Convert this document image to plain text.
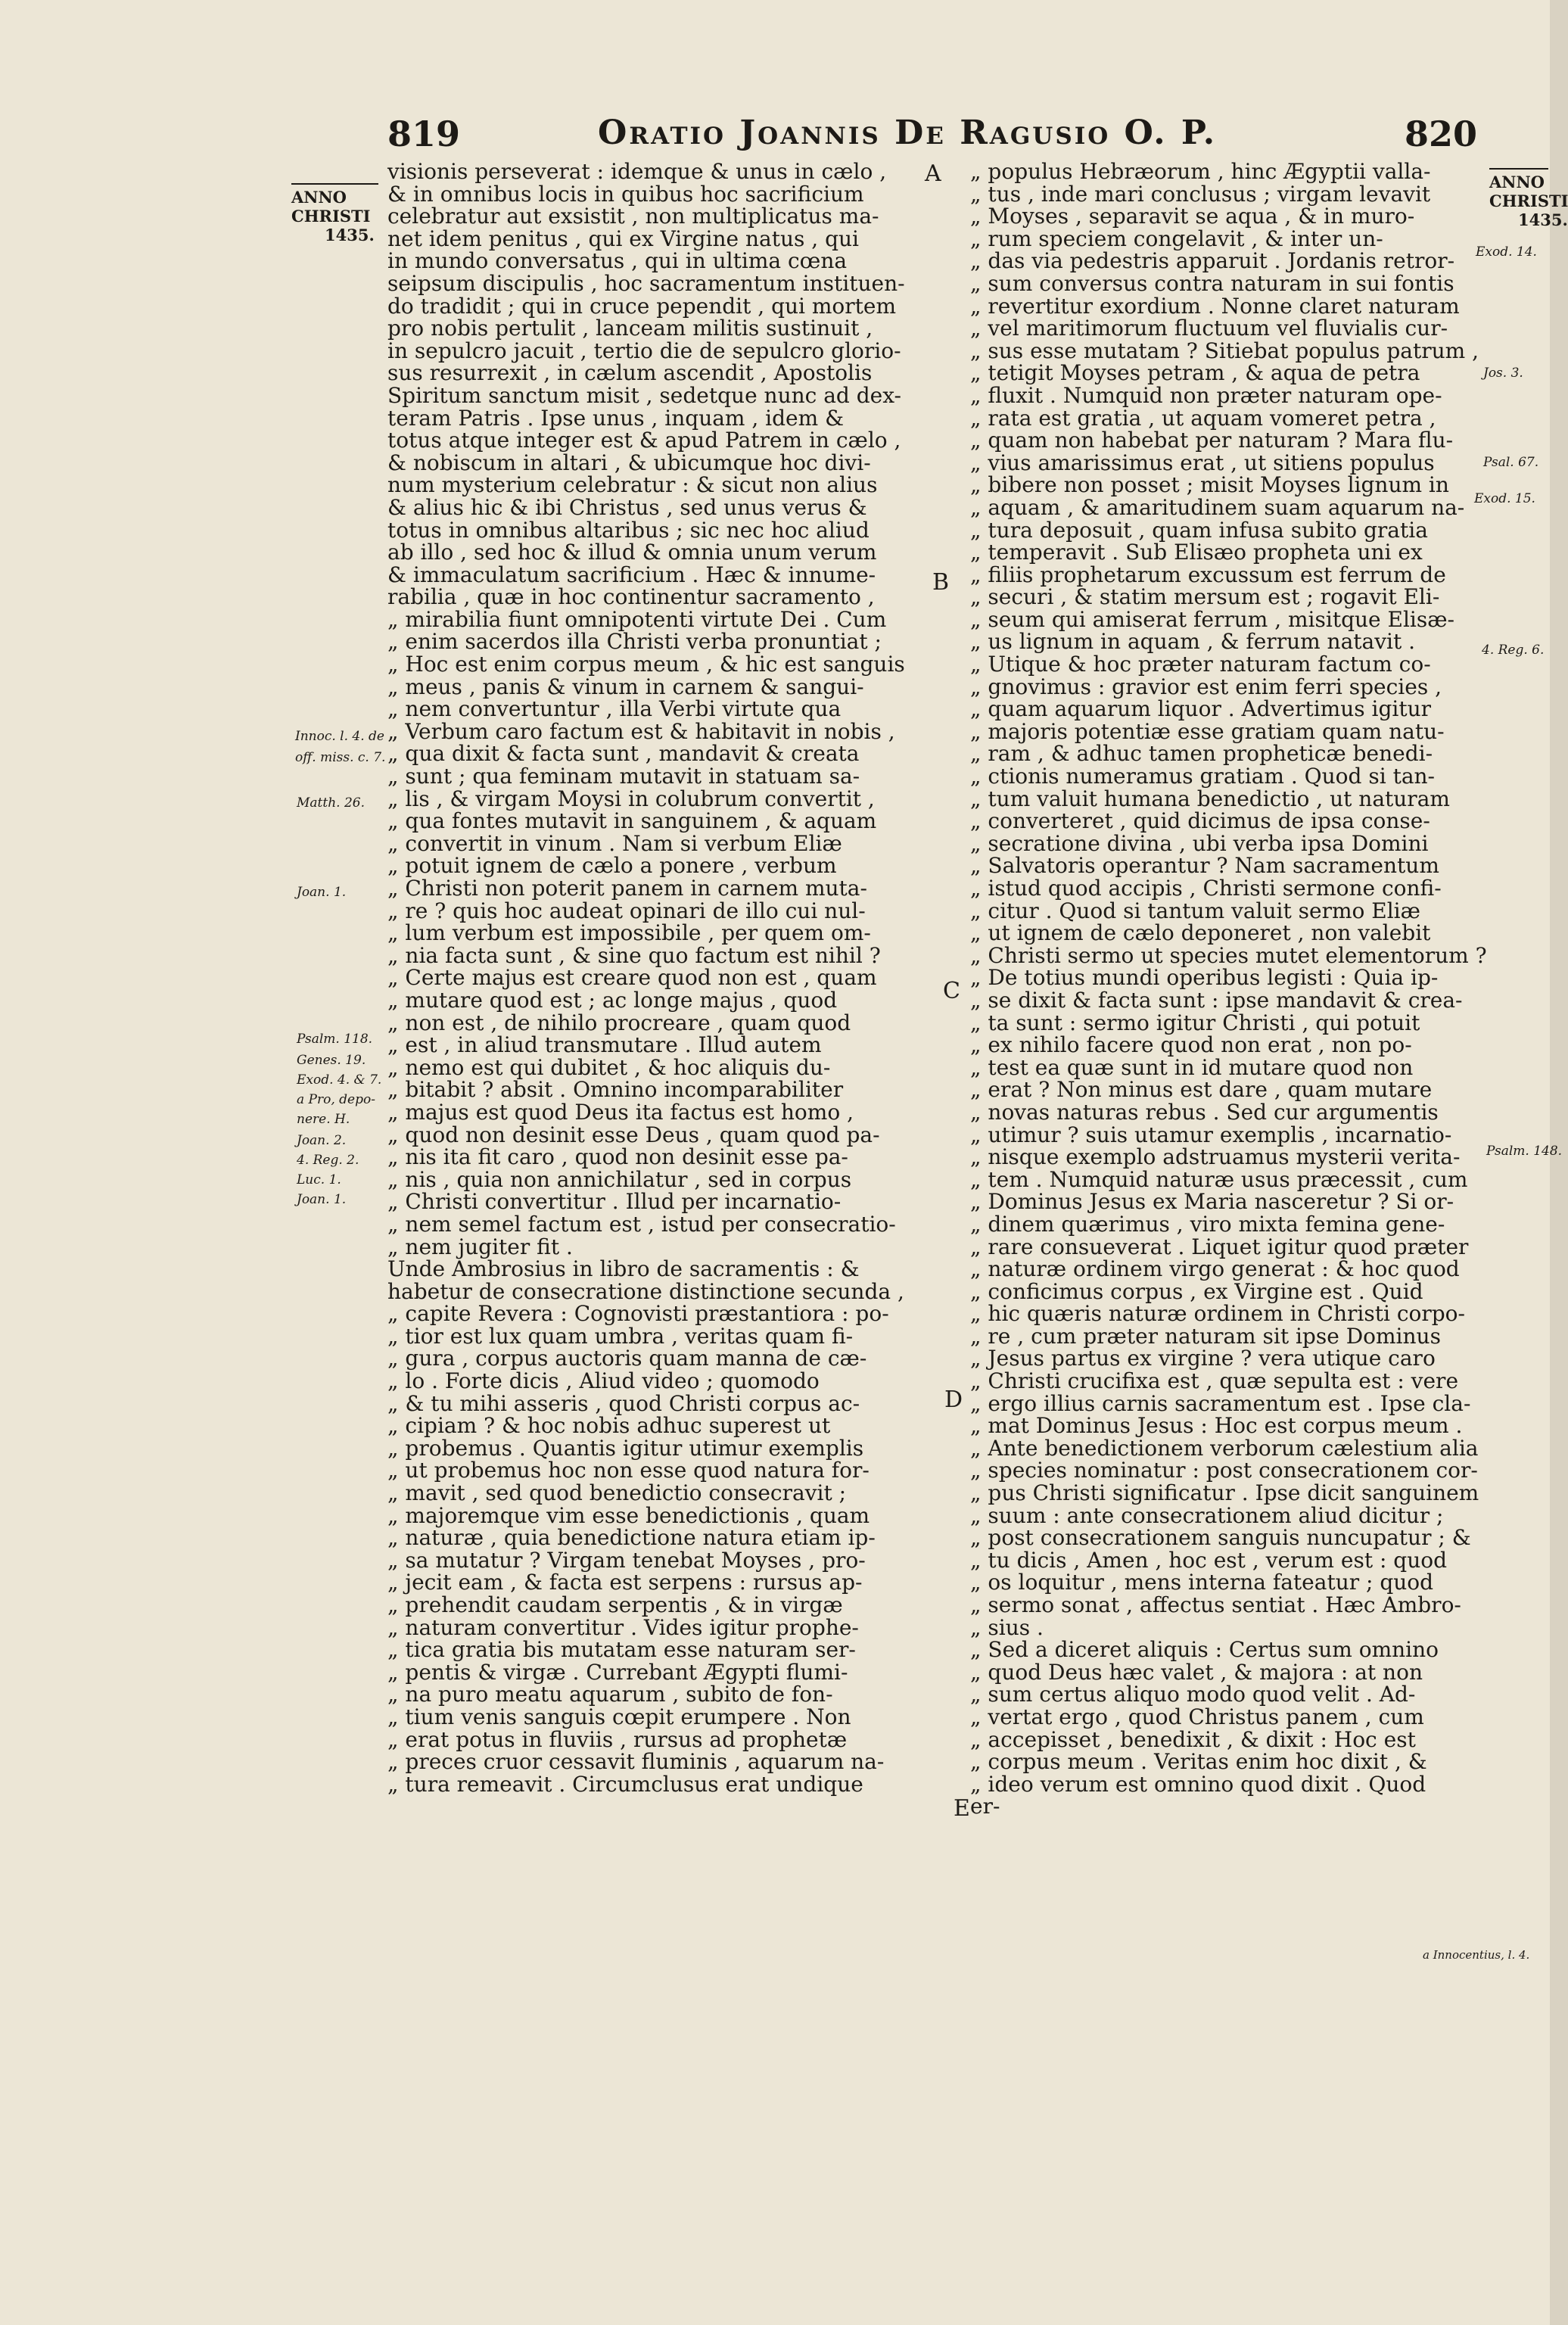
819	Oratio Joannis De Ragusio O. P.	820
ANNO
CHRISTI
1435.
ANNO
CHRISTI
1435.
Innoc. l. 4. de
off. miss. c. 7.
Matth. 26.
Joan. 1.
Psalm. 118.
Genes. 19.
Exod. 4. & 7.
a Pro, depo-
nere. H.
Joan. 2.
4. Reg. 2.
Luc. 1.
Joan. 1.
Exod. 14.
Jos. 3.
Psal. 67.
Exod. 15.
4. Reg. 6.
Psalm. 148.
a Innocentius, l. 4.
A
B
C
D
E
visionis perseverat : idemque & unus in cælo ,
& in omnibus locis in quibus hoc sacrificium
celebratur aut exsistit , non multiplicatus ma-
net idem penitus , qui ex Virgine natus , qui
in mundo conversatus , qui in ultima cœna
seipsum discipulis , hoc sacramentum instituen-
do tradidit ; qui in cruce pependit , qui mortem
pro nobis pertulit , lanceam militis sustinuit ,
in sepulcro jacuit , tertio die de sepulcro glorio-
sus resurrexit , in cælum ascendit , Apostolis
Spiritum sanctum misit , sedetque nunc ad dex-
teram Patris . Ipse unus , inquam , idem &
totus atque integer est & apud Patrem in cælo ,
& nobiscum in altari , & ubicumque hoc divi-
num mysterium celebratur : & sicut non alius
& alius hic & ibi Christus , sed unus verus &
totus in omnibus altaribus ; sic nec hoc aliud
ab illo , sed hoc & illud & omnia unum verum
& immaculatum sacrificium . Hæc & innume-
rabilia , quæ in hoc continentur sacramento ,
„ mirabilia fiunt omnipotenti virtute Dei . Cum
„ enim sacerdos illa Christi verba pronuntiat ;
„ Hoc est enim corpus meum , & hic est sanguis
„ meus , panis & vinum in carnem & sangui-
„ nem convertuntur , illa Verbi virtute qua
„ Verbum caro factum est & habitavit in nobis ,
„ qua dixit & facta sunt , mandavit & creata
„ sunt ; qua feminam mutavit in statuam sa-
„ lis , & virgam Moysi in colubrum convertit ,
„ qua fontes mutavit in sanguinem , & aquam
„ convertit in vinum . Nam si verbum Eliæ
„ potuit ignem de cælo a ponere , verbum
„ Christi non poterit panem in carnem muta-
„ re ? quis hoc audeat opinari de illo cui nul-
„ lum verbum est impossibile , per quem om-
„ nia facta sunt , & sine quo factum est nihil ?
„ Certe majus est creare quod non est , quam
„ mutare quod est ; ac longe majus , quod
„ non est , de nihilo procreare , quam quod
„ est , in aliud transmutare . Illud autem
„ nemo est qui dubitet , & hoc aliquis du-
„ bitabit ? absit . Omnino incomparabiliter
„ majus est quod Deus ita factus est homo ,
„ quod non desinit esse Deus , quam quod pa-
„ nis ita fit caro , quod non desinit esse pa-
„ nis , quia non annichilatur , sed in corpus
„ Christi convertitur . Illud per incarnatio-
„ nem semel factum est , istud per consecratio-
„ nem jugiter fit .
Unde Ambrosius in libro de sacramentis : &
habetur de consecratione distinctione secunda ,
„ capite Revera : Cognovisti præstantiora : po-
„ tior est lux quam umbra , veritas quam fi-
„ gura , corpus auctoris quam manna de cæ-
„ lo . Forte dicis , Aliud video ; quomodo
„ & tu mihi asseris , quod Christi corpus ac-
„ cipiam ? & hoc nobis adhuc superest ut
„ probemus . Quantis igitur utimur exemplis
„ ut probemus hoc non esse quod natura for-
„ mavit , sed quod benedictio consecravit ;
„ majoremque vim esse benedictionis , quam
„ naturæ , quia benedictione natura etiam ip-
„ sa mutatur ? Virgam tenebat Moyses , pro-
„ jecit eam , & facta est serpens : rursus ap-
„ prehendit caudam serpentis , & in virgæ
„ naturam convertitur . Vides igitur prophe-
„ tica gratia bis mutatam esse naturam ser-
„ pentis & virgæ . Currebant Ægypti flumi-
„ na puro meatu aquarum , subito de fon-
„ tium venis sanguis cœpit erumpere . Non
„ erat potus in fluviis , rursus ad prophetæ
„ preces cruor cessavit fluminis , aquarum na-
„ tura remeavit . Circumclusus erat undique
„ populus Hebræorum , hinc Ægyptii valla-
„ tus , inde mari conclusus ; virgam levavit
„ Moyses , separavit se aqua , & in muro-
„ rum speciem congelavit , & inter un-
„ das via pedestris apparuit . Jordanis retror-
„ sum conversus contra naturam in sui fontis
„ revertitur exordium . Nonne claret naturam
„ vel maritimorum fluctuum vel fluvialis cur-
„ sus esse mutatam ? Sitiebat populus patrum ,
„ tetigit Moyses petram , & aqua de petra
„ fluxit . Numquid non præter naturam ope-
„ rata est gratia , ut aquam vomeret petra ,
„ quam non habebat per naturam ? Mara flu-
„ vius amarissimus erat , ut sitiens populus
„ bibere non posset ; misit Moyses lignum in
„ aquam , & amaritudinem suam aquarum na-
„ tura deposuit , quam infusa subito gratia
„ temperavit . Sub Elisæo propheta uni ex
„ filiis prophetarum excussum est ferrum de
„ securi , & statim mersum est ; rogavit Eli-
„ seum qui amiserat ferrum , misitque Elisæ-
„ us lignum in aquam , & ferrum natavit .
„ Utique & hoc præter naturam factum co-
„ gnovimus : gravior est enim ferri species ,
„ quam aquarum liquor . Advertimus igitur
„ majoris potentiæ esse gratiam quam natu-
„ ram , & adhuc tamen propheticæ benedi-
„ ctionis numeramus gratiam . Quod si tan-
„ tum valuit humana benedictio , ut naturam
„ converteret , quid dicimus de ipsa conse-
„ secratione divina , ubi verba ipsa Domini
„ Salvatoris operantur ? Nam sacramentum
„ istud quod accipis , Christi sermone confi-
„ citur . Quod si tantum valuit sermo Eliæ
„ ut ignem de cælo deponeret , non valebit
„ Christi sermo ut species mutet elementorum ?
„ De totius mundi operibus legisti : Quia ip-
„ se dixit & facta sunt : ipse mandavit & crea-
„ ta sunt : sermo igitur Christi , qui potuit
„ ex nihilo facere quod non erat , non po-
„ test ea quæ sunt in id mutare quod non
„ erat ? Non minus est dare , quam mutare
„ novas naturas rebus . Sed cur argumentis
„ utimur ? suis utamur exemplis , incarnatio-
„ nisque exemplo adstruamus mysterii verita-
„ tem . Numquid naturæ usus præcessit , cum
„ Dominus Jesus ex Maria nasceretur ? Si or-
„ dinem quærimus , viro mixta femina gene-
„ rare consueverat . Liquet igitur quod præter
„ naturæ ordinem virgo generat : & hoc quod
„ conficimus corpus , ex Virgine est . Quid
„ hic quæris naturæ ordinem in Christi corpo-
„ re , cum præter naturam sit ipse Dominus
„ Jesus partus ex virgine ? vera utique caro
„ Christi crucifixa est , quæ sepulta est : vere
„ ergo illius carnis sacramentum est . Ipse cla-
„ mat Dominus Jesus : Hoc est corpus meum .
„ Ante benedictionem verborum cælestium alia
„ species nominatur : post consecrationem cor-
„ pus Christi significatur . Ipse dicit sanguinem
„ suum : ante consecrationem aliud dicitur ;
„ post consecrationem sanguis nuncupatur ; &
„ tu dicis , Amen , hoc est , verum est : quod
„ os loquitur , mens interna fateatur ; quod
„ sermo sonat , affectus sentiat . Hæc Ambro-
„ sius .
„ Sed a diceret aliquis : Certus sum omnino
„ quod Deus hæc valet , & majora : at non
„ sum certus aliquo modo quod velit . Ad-
„ vertat ergo , quod Christus panem , cum
„ accepisset , benedixit , & dixit : Hoc est
„ corpus meum . Veritas enim hoc dixit , &
„ ideo verum est omnino quod dixit . Quod
er-
